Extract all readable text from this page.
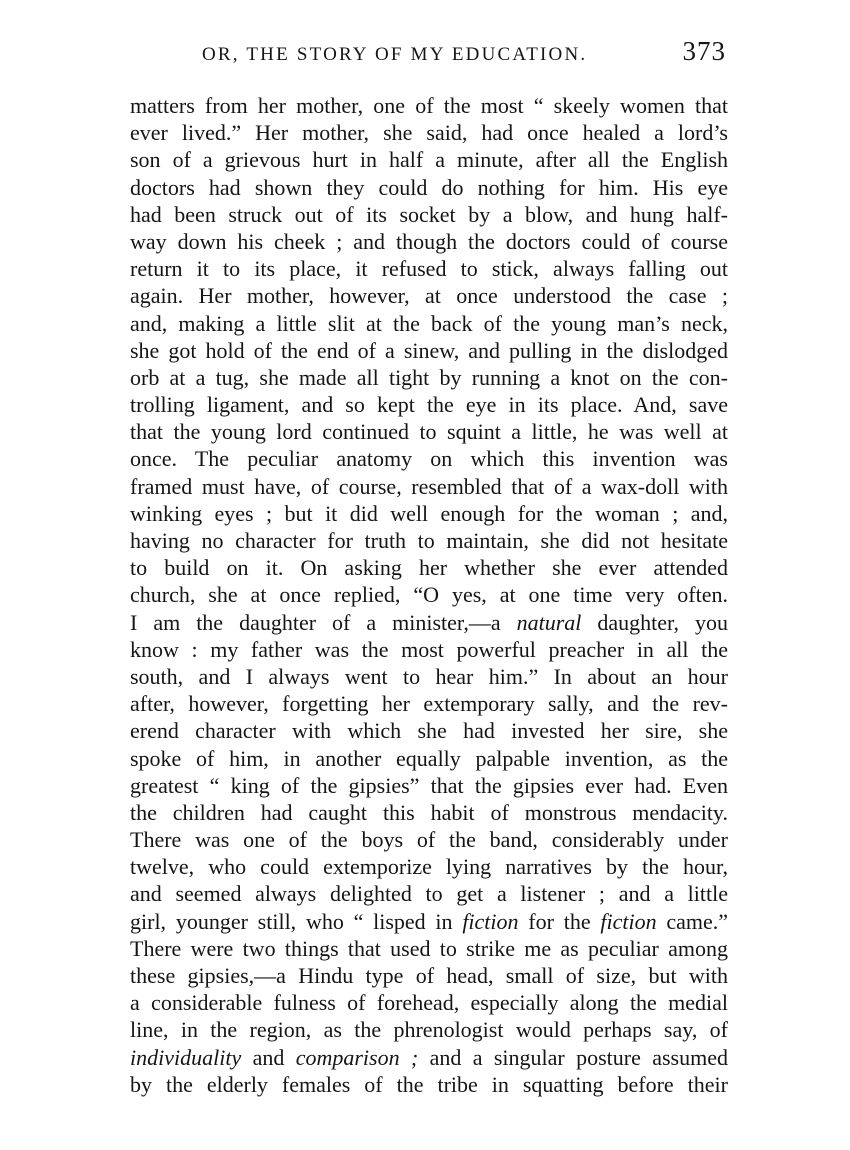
OR, THE STORY OF MY EDUCATION.	373
matters from her mother, one of the most “ skeely women that
ever lived.” Her mother, she said, had once healed a lord’s
son of a grievous hurt in half a minute, after all the English
doctors had shown they could do nothing for him. His eye
had been struck out of its socket by a blow, and hung half-
way down his cheek ; and though the doctors could of course
return it to its place, it refused to stick, always falling out
again. Her mother, however, at once understood the case ;
and, making a little slit at the back of the young man’s neck,
she got hold of the end of a sinew, and pulling in the dislodged
orb at a tug, she made all tight by running a knot on the con-
trolling ligament, and so kept the eye in its place. And, save
that the young lord continued to squint a little, he was well at
once. The peculiar anatomy on which this invention was
framed must have, of course, resembled that of a wax-doll with
winking eyes ; but it did well enough for the woman ; and,
having no character for truth to maintain, she did not hesitate
to build on it. On asking her whether she ever attended
church, she at once replied, “O yes, at one time very often.
I am the daughter of a minister,—a natural daughter, you
know : my father was the most powerful preacher in all the
south, and I always went to hear him.” In about an hour
after, however, forgetting her extemporary sally, and the rev-
erend character with which she had invested her sire, she
spoke of him, in another equally palpable invention, as the
greatest “ king of the gipsies” that the gipsies ever had. Even
the children had caught this habit of monstrous mendacity.
There was one of the boys of the band, considerably under
twelve, who could extemporize lying narratives by the hour,
and seemed always delighted to get a listener ; and a little
girl, younger still, who “ lisped in fiction for the fiction came.”
There were two things that used to strike me as peculiar among
these gipsies,—a Hindu type of head, small of size, but with
a considerable fulness of forehead, especially along the medial
line, in the region, as the phrenologist would perhaps say, of
individuality and comparison ; and a singular posture assumed
by the elderly females of the tribe in squatting before their
